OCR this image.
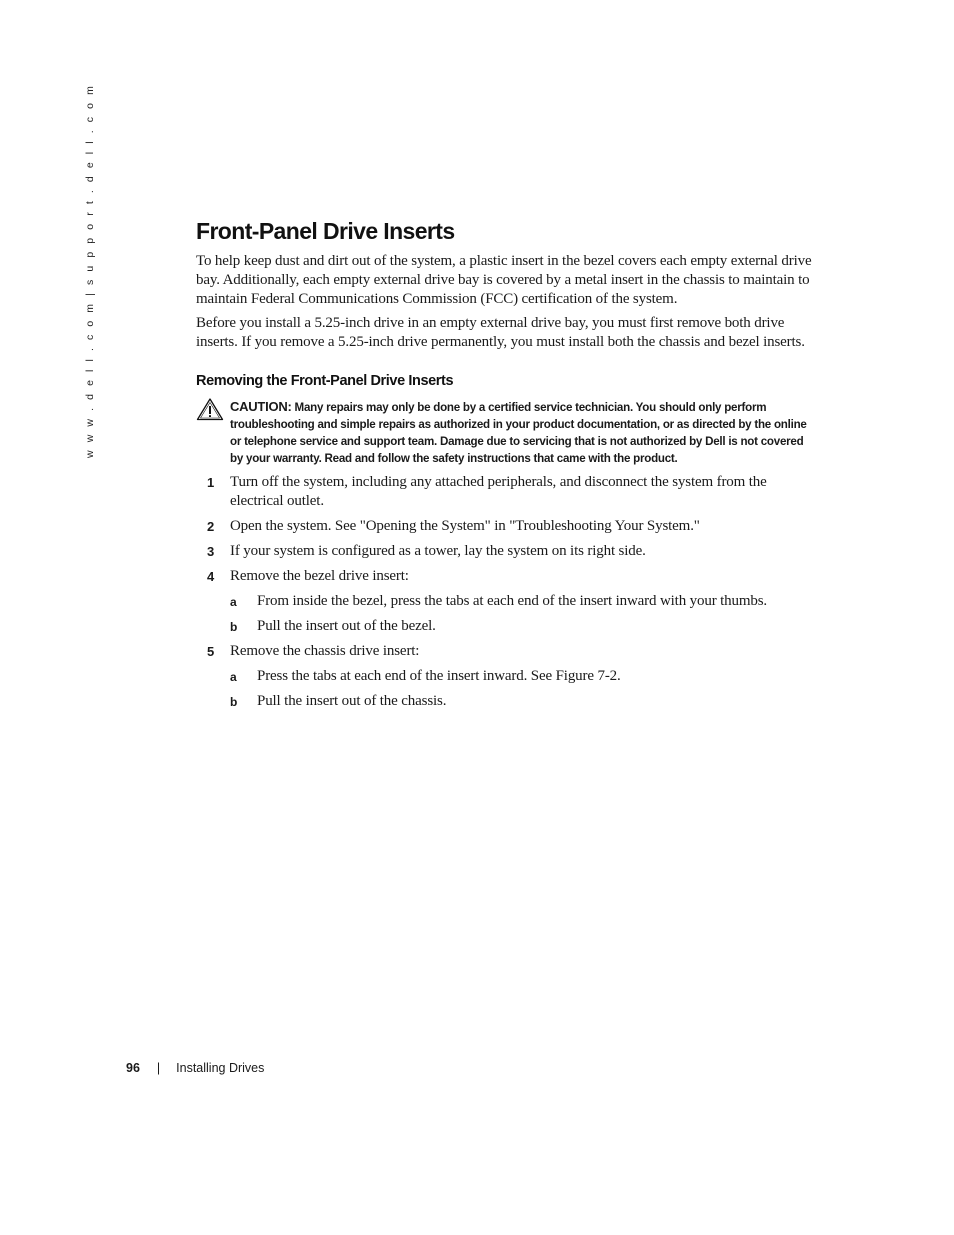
w w w . d e l l . c o m | s u p p o r t . d e l l . c o m	Front-Panel Drive Inserts

To help keep dust and dirt out of the system, a plastic insert in the bezel covers each empty external drive bay. Additionally, each empty external drive bay is covered by a metal insert in the chassis to maintain to maintain Federal Communications Commission (FCC) certification of the system.

Before you install a 5.25-inch drive in an empty external drive bay, you must first remove both drive inserts. If you remove a 5.25-inch drive permanently, you must install both the chassis and bezel inserts.

Removing the Front-Panel Drive Inserts
CAUTION: Many repairs may only be done by a certified service technician. You should only perform troubleshooting and simple repairs as authorized in your product documentation, or as directed by the online or telephone service and support team. Damage due to servicing that is not authorized by Dell is not covered by your warranty. Read and follow the safety instructions that came with the product.
1 Turn off the system, including any attached peripherals, and disconnect the system from the electrical outlet.
2 Open the system. See "Opening the System" in "Troubleshooting Your System."
3 If your system is configured as a tower, lay the system on its right side.
4 Remove the bezel drive insert:
a From inside the bezel, press the tabs at each end of the insert inward with your thumbs.
b Pull the insert out of the bezel.
5 Remove the chassis drive insert:
a Press the tabs at each end of the insert inward. See Figure 7-2.
b Pull the insert out of the chassis.
96 | Installing Drives
